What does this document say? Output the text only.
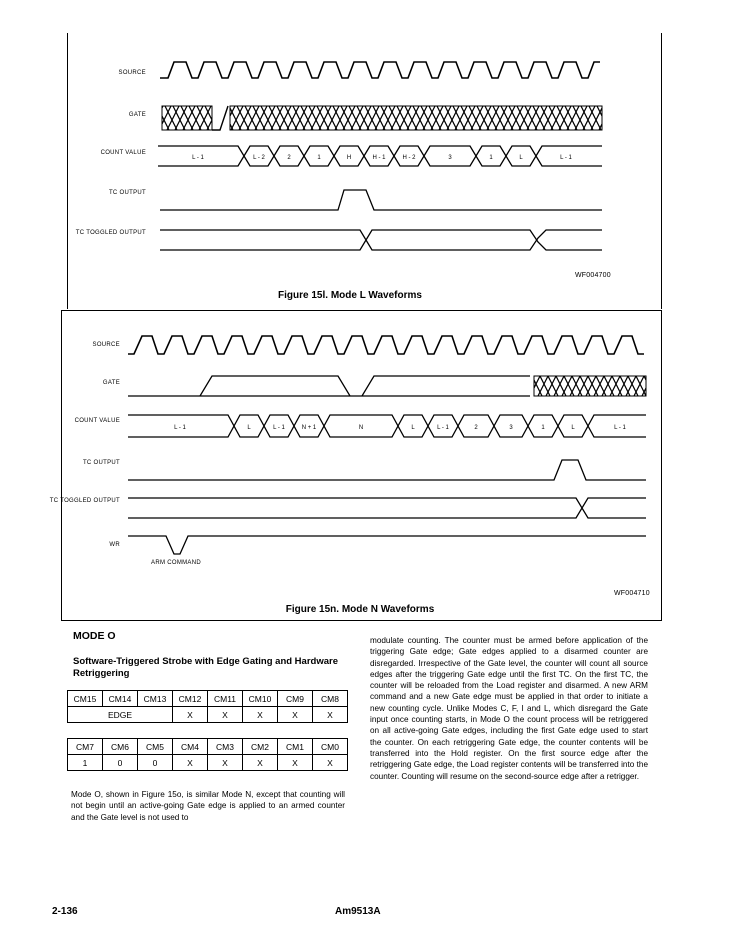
SOURCE
GATE
COUNT VALUE
TC OUTPUT
TC TOGGLED OUTPUT
WF004700
Figure 15l. Mode L Waveforms
L - 1	L - 2	2	1	H	H - 1	H - 2	3	1	L	L - 1
SOURCE
GATE
COUNT VALUE
TC OUTPUT
TC TOGGLED OUTPUT
WR
ARM COMMAND
WF004710
Figure 15n. Mode N Waveforms
L - 1	L	L - 1	N + 1	N	L	L - 1	2	3	1	L	L - 1
MODE O
Software-Triggered Strobe with Edge Gating and Hardware Retriggering
CM15	CM14	CM13	CM12	CM11	CM10	CM9	CM8
EDGE			X	X	X	X	X
CM7	CM6	CM5	CM4	CM3	CM2	CM1	CM0
1	0	0	X	X	X	X	X
Mode O, shown in Figure 15o, is similar Mode N, except that counting will not begin until an active-going Gate edge is applied to an armed counter and the Gate level is not used to
modulate counting. The counter must be armed before application of the triggering Gate edge; Gate edges applied to a disarmed counter are disregarded. Irrespective of the Gate level, the counter will count all source edges after the triggering Gate edge until the first TC. On the first TC, the counter will be reloaded from the Load register and disarmed. A new ARM command and a new Gate edge must be applied in that order to initiate a new counting cycle. Unlike Modes C, F, I and L, which disregard the Gate input once counting starts, in Mode O the count process will be retriggered on all active-going Gate edges, including the first Gate edge used to start the counter. On each retriggering Gate edge, the counter contents will be transferred into the Hold register. On the first source edge after the retriggering Gate edge, the Load register contents will be transferred into the counter. Counting will resume on the second-source edge after a retrigger.
2-136	Am9513A
